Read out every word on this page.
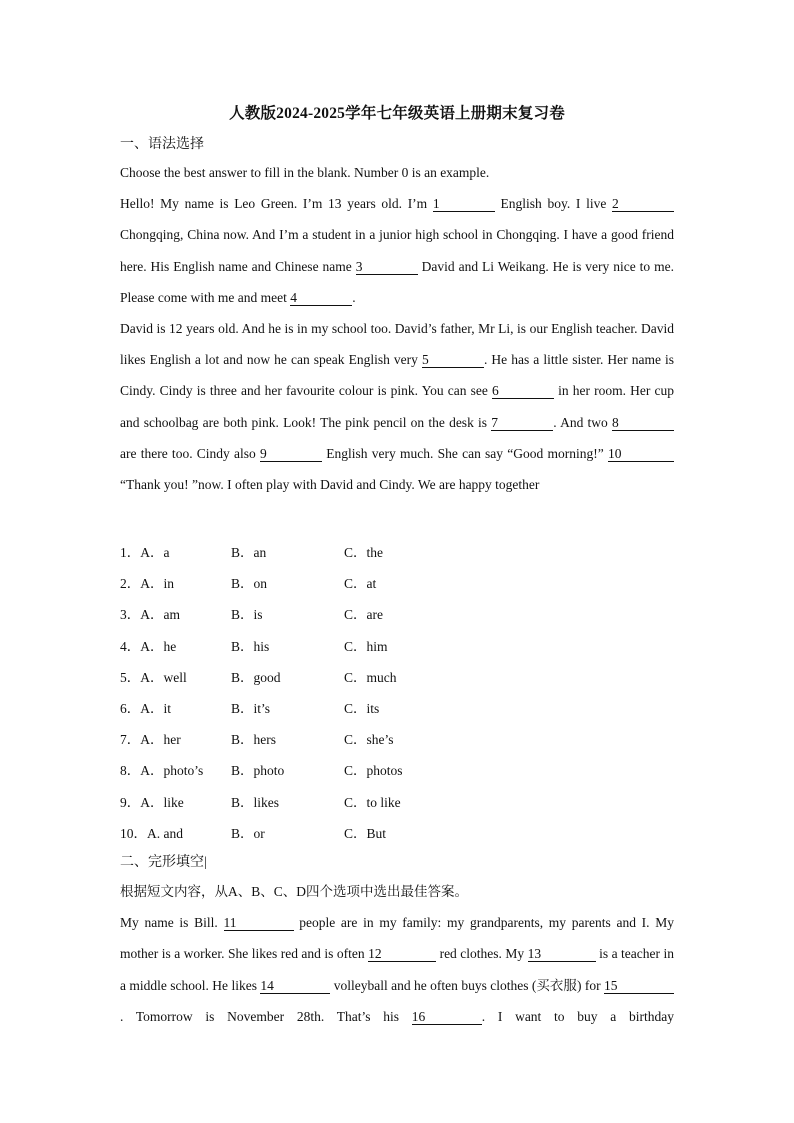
人教版2024-2025学年七年级英语上册期末复习卷
一、语法选择

Choose the best answer to fill in the blank. Number 0 is an example.

Hello! My name is Leo Green. I’m 13 years old. I’m 1	English boy. I live 2 Chongqing, China now. And I’m a student in a junior high school in Chongqing. I have a good friend here. His English name and Chinese name 3	David and Li Weikang. He is very nice to me. Please come with me and meet 4	.

David is 12 years old. And he is in my school too. David’s father, Mr Li, is our English teacher. David likes English a lot and now he can speak English very 5	. He has a little sister. Her name is Cindy. Cindy is three and her favourite colour is pink. You can see 6	in her room. Her cup and schoolbag are both pink. Look! The pink pencil on the desk is 7	. And two 8 are there too. Cindy also 9	English very much. She can say “Good morning!” 10 “Thank you! ”now. I often play with David and Cindy. We are happy together

1．A．a	B．an	C．the
2．A．in	B．on	C．at
3．A．am	B．is	C．are
4．A．he	B．his	C．him
5．A．well	B．good	C．much
6．A．it	B．it’s	C．its
7．A．her	B．hers	C．she’s
8．A．photo’s B．photo	C．photos
9．A．like	B．likes	C．to like
10．A. and	B．or	C．But
二、完形填空|

根据短文内容，从A、B、C、D四个选项中选出最佳答案。

My name is Bill. 11	people are in my family: my grandparents, my parents and I. My mother is a worker. She likes red and is often 12	red clothes. My 13	is a teacher in a middle school. He likes 14	volleyball and he often buys clothes (买衣服) for 15. Tomorrow is November 28th. That’s his 16	. I want to buy a birthday
